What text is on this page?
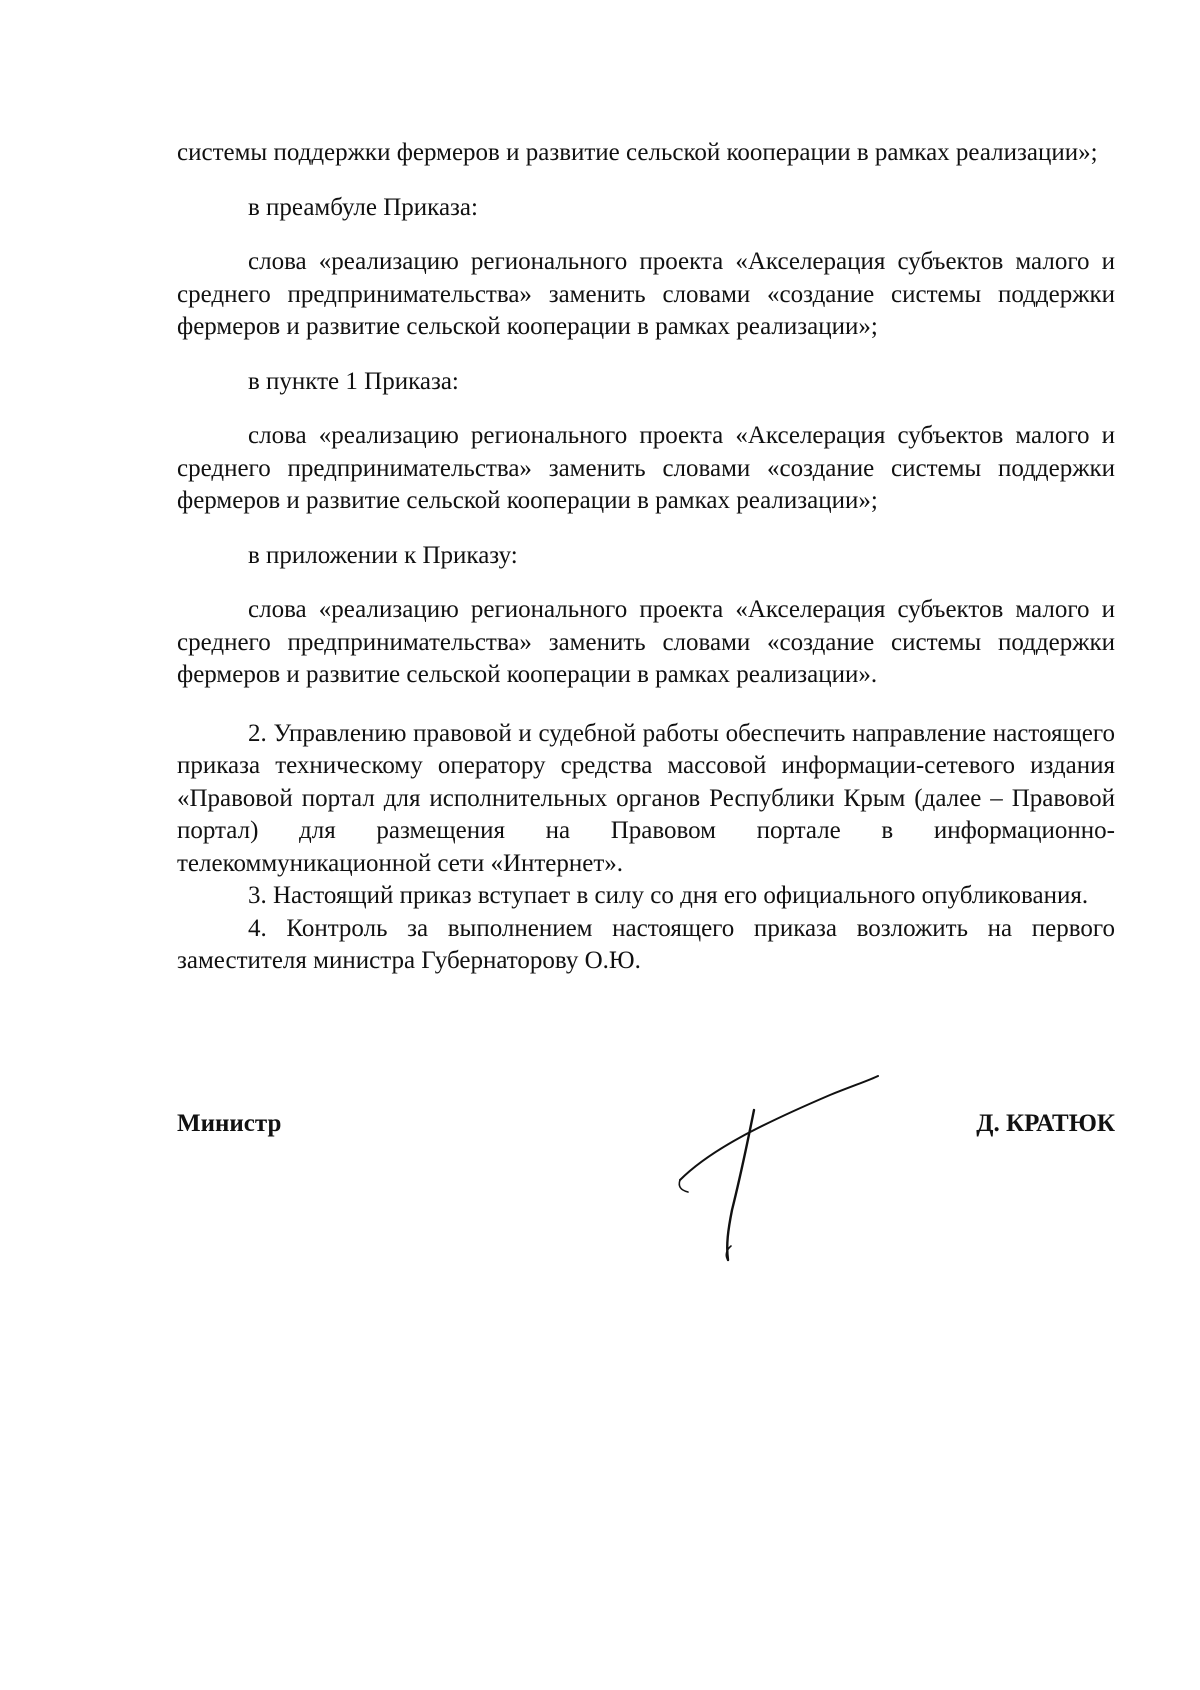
системы поддержки фермеров и развитие сельской кооперации в рамках реализации»;

в преамбуле Приказа:

слова «реализацию регионального проекта «Акселерация субъектов малого и среднего предпринимательства» заменить словами «создание системы поддержки фермеров и развитие сельской кооперации в рамках реализации»;

в пункте 1 Приказа:

слова «реализацию регионального проекта «Акселерация субъектов малого и среднего предпринимательства» заменить словами «создание системы поддержки фермеров и развитие сельской кооперации в рамках реализации»;

в приложении к Приказу:

слова «реализацию регионального проекта «Акселерация субъектов малого и среднего предпринимательства» заменить словами «создание системы поддержки фермеров и развитие сельской кооперации в рамках реализации».

2. Управлению правовой и судебной работы обеспечить направление настоящего приказа техническому оператору средства массовой информации-сетевого издания «Правовой портал для исполнительных органов Республики Крым (далее – Правовой портал) для размещения на Правовом портале в информационно-телекоммуникационной сети «Интернет».

3. Настоящий приказ вступает в силу со дня его официального опубликования.

4. Контроль за выполнением настоящего приказа возложить на первого заместителя министра Губернаторову О.Ю.

Министр	Д. КРАТЮК
